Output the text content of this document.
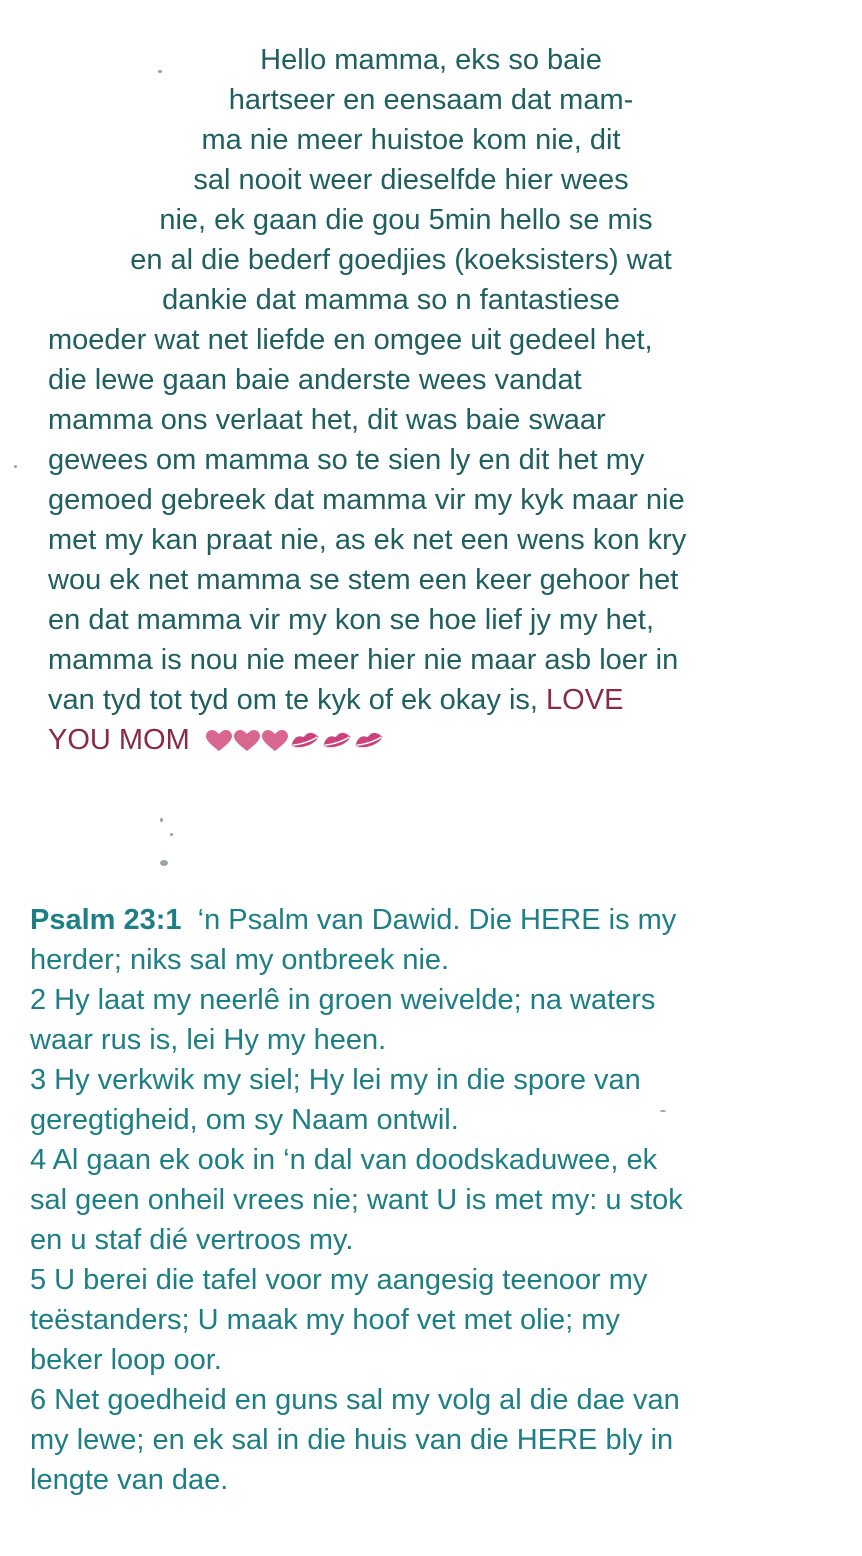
Hello mamma, eks so baie
hartseer en eensaam dat mam-
ma nie meer huistoe kom nie, dit
sal nooit weer dieselfde hier wees
nie, ek gaan die gou 5min hello se mis
en al die bederf goedjies (koeksisters) wat
dankie dat mamma so n fantastiese
moeder wat net liefde en omgee uit gedeel het,
die lewe gaan baie anderste wees vandat
mamma ons verlaat het, dit was baie swaar
gewees om mamma so te sien ly en dit het my
gemoed gebreek dat mamma vir my kyk maar nie
met my kan praat nie, as ek net een wens kon kry
wou ek net mamma se stem een keer gehoor het
en dat mamma vir my kon se hoe lief jy my het,
mamma is nou nie meer hier nie maar asb loer in
van tyd tot tyd om te kyk of ek okay is, LOVE
YOU MOM
Psalm 23:1 ‘n Psalm van Dawid. Die HERE is my
herder; niks sal my ontbreek nie.
2 Hy laat my neerlê in groen weivelde; na waters
waar rus is, lei Hy my heen.
3 Hy verkwik my siel; Hy lei my in die spore van
geregtigheid, om sy Naam ontwil.
4 Al gaan ek ook in ‘n dal van doodskaduwee, ek
sal geen onheil vrees nie; want U is met my: u stok
en u staf dié vertroos my.
5 U berei die tafel voor my aangesig teenoor my
teëstanders; U maak my hoof vet met olie; my
beker loop oor.
6 Net goedheid en guns sal my volg al die dae van
my lewe; en ek sal in die huis van die HERE bly in
lengte van dae.
